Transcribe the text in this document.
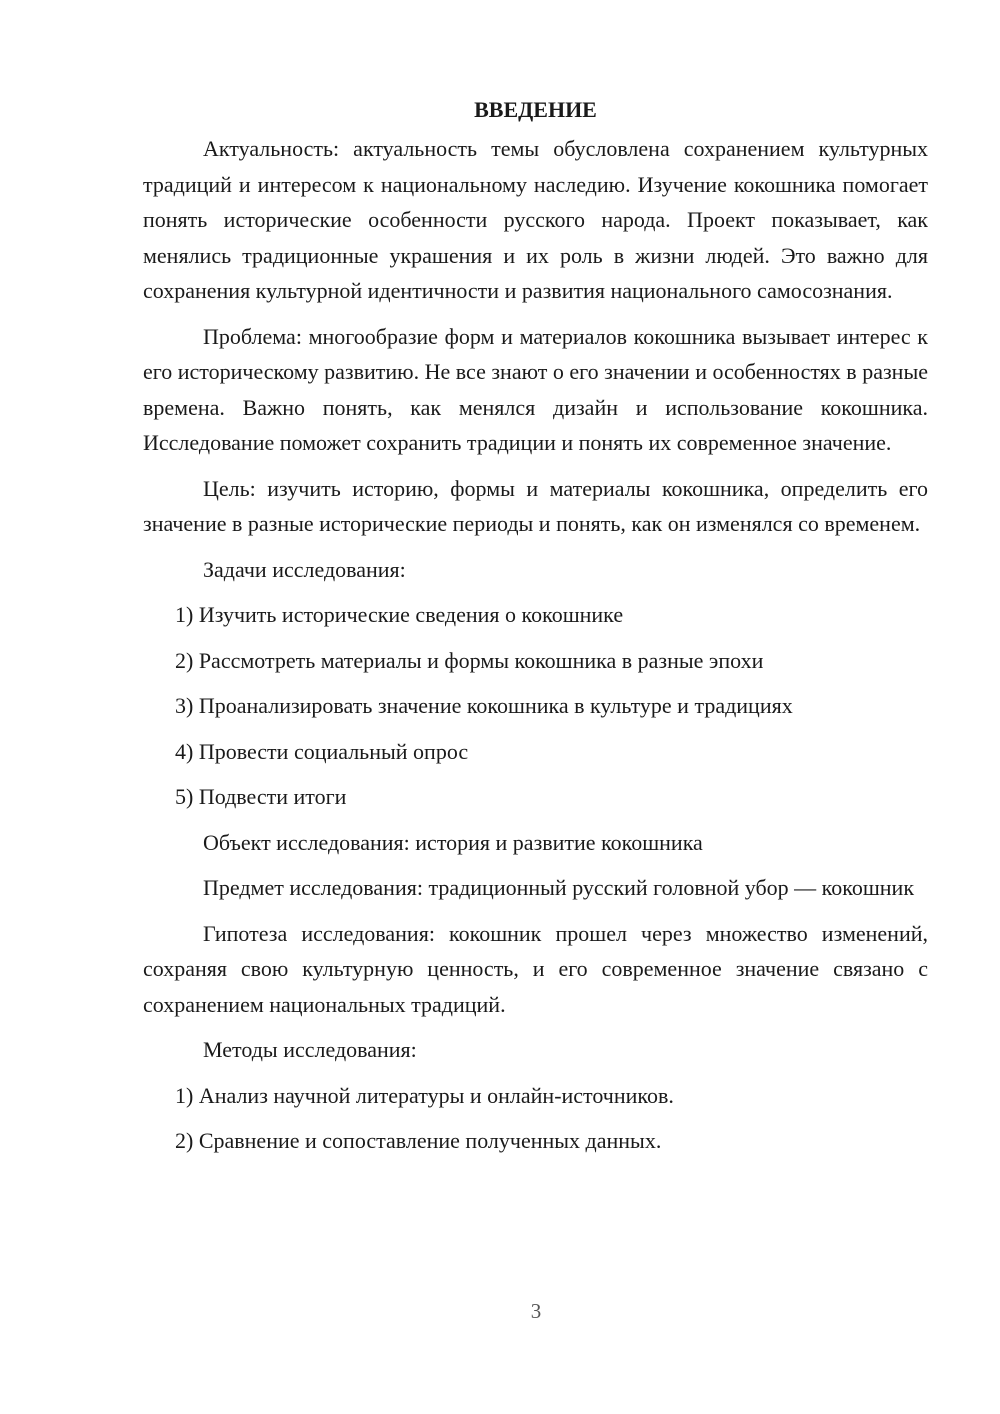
ВВЕДЕНИЕ

Актуальность: актуальность темы обусловлена сохранением культурных традиций и интересом к национальному наследию. Изучение кокошника помогает понять исторические особенности русского народа. Проект показывает, как менялись традиционные украшения и их роль в жизни людей. Это важно для сохранения культурной идентичности и развития национального самосознания.

Проблема: многообразие форм и материалов кокошника вызывает интерес к его историческому развитию. Не все знают о его значении и особенностях в разные времена. Важно понять, как менялся дизайн и использование кокошника. Исследование поможет сохранить традиции и понять их современное значение.

Цель: изучить историю, формы и материалы кокошника, определить его значение в разные исторические периоды и понять, как он изменялся со временем.

Задачи исследования:
1) Изучить исторические сведения о кокошнике
2) Рассмотреть материалы и формы кокошника в разные эпохи
3) Проанализировать значение кокошника в культуре и традициях
4) Провести социальный опрос
5) Подвести итоги
Объект исследования: история и развитие кокошника

Предмет исследования: традиционный русский головной убор — кокошник

Гипотеза исследования: кокошник прошел через множество изменений, сохраняя свою культурную ценность, и его современное значение связано с сохранением национальных традиций.

Методы исследования:
1) Анализ научной литературы и онлайн-источников.
2) Сравнение и сопоставление полученных данных.
3
